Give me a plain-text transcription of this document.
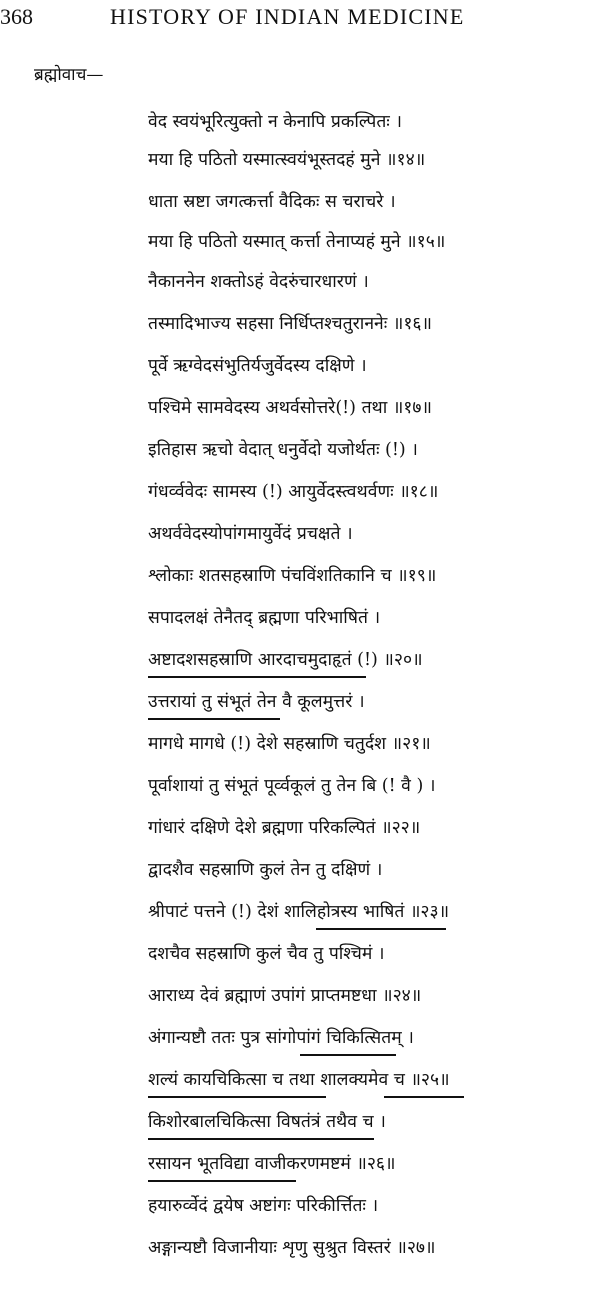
368	HISTORY OF INDIAN MEDICINE
ब्रह्मोवाच—
वेद स्वयंभूरित्युक्तो न केनापि प्रकल्पितः ।
मया हि पठितो यस्मात्स्वयंभूस्तदहं मुने ॥१४॥
धाता स्रष्टा जगत्कर्त्ता वैदिकः स चराचरे ।
मया हि पठितो यस्मात् कर्त्ता तेनाप्यहं मुने ॥१५॥
नैकाननेन शक्तोऽहं वेदरुंचारधारणं ।
तस्मादिभाज्य सहसा निर्धिप्तश्चतुराननेः ॥१६॥
पूर्वे ऋग्वेदसंभुतिर्यजुर्वेदस्य दक्षिणे ।
पश्चिमे सामवेदस्य अथर्वसोत्तरे(!) तथा ॥१७॥
इतिहास ऋचो वेदात् धनुर्वेदो यजोर्थतः (!) ।
गंधर्व्ववेदः सामस्य (!) आयुर्वेदस्त्वथर्वणः ॥१८॥
अथर्ववेदस्योपांगमायुर्वेदं प्रचक्षते ।
श्लोकाः शतसहस्राणि पंचविंशतिकानि च ॥१९॥
सपादलक्षं तेनैतद् ब्रह्मणा परिभाषितं ।
अष्टादशसहस्राणि आरदाचमुदाहृतं (!) ॥२०॥
उत्तरायां तु संभूतं तेन वै कूलमुत्तरं ।
मागधे मागधे (!) देशे सहस्राणि चतुर्दश ॥२१॥
पूर्वाशायां तु संभूतं पूर्व्वकूलं तु तेन बि (! वै ) ।
गांधारं दक्षिणे देशे ब्रह्मणा परिकल्पितं ॥२२॥
द्वादशैव सहस्राणि कुलं तेन तु दक्षिणं ।
श्रीपाटं पत्तने (!) देशं शालिहोत्रस्य भाषितं ॥२३॥
दशचैव सहस्राणि कुलं चैव तु पश्चिमं ।
आराध्य देवं ब्रह्माणं उपांगं प्राप्तमष्टधा ॥२४॥
अंगान्यष्टौ ततः पुत्र सांगोपांगं चिकित्सितम् ।
शल्यं कायचिकित्सा च तथा शालक्यमेव च ॥२५॥
किशोरबालचिकित्सा विषतंत्रं तथैव च ।
रसायन भूतविद्या वाजीकरणमष्टमं ॥२६॥
हयारुर्व्वेदं द्वयेष अष्टांगः परिकीर्त्तितः ।
अङ्गान्यष्टौ विजानीयाः शृणु सुश्रुत विस्तरं ॥२७॥
